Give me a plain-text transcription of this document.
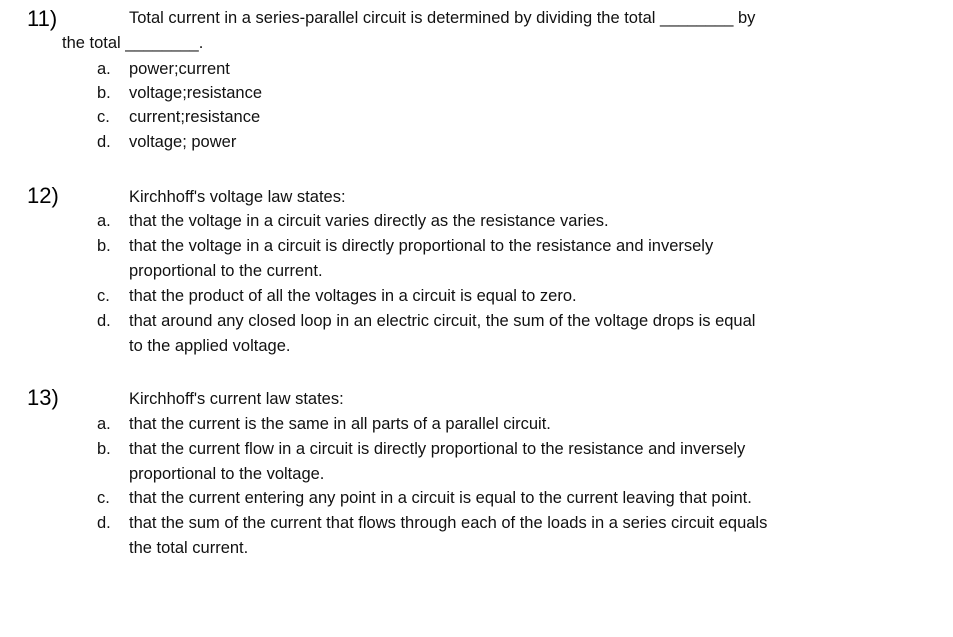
11)	Total current in a series-parallel circuit is determined by dividing the total ________ by
the total ________.
a. power;current
b. voltage;resistance
c. current;resistance
d. voltage; power
12)	Kirchhoff's voltage law states:
a. that the voltage in a circuit varies directly as the resistance varies.
b. that the voltage in a circuit is directly proportional to the resistance and inversely
proportional to the current.
c. that the product of all the voltages in a circuit is equal to zero.
d. that around any closed loop in an electric circuit, the sum of the voltage drops is equal
to the applied voltage.
13)	Kirchhoff's current law states:
a. that the current is the same in all parts of a parallel circuit.
b. that the current flow in a circuit is directly proportional to the resistance and inversely
proportional to the voltage.
c. that the current entering any point in a circuit is equal to the current leaving that point.
d. that the sum of the current that flows through each of the loads in a series circuit equals
the total current.
